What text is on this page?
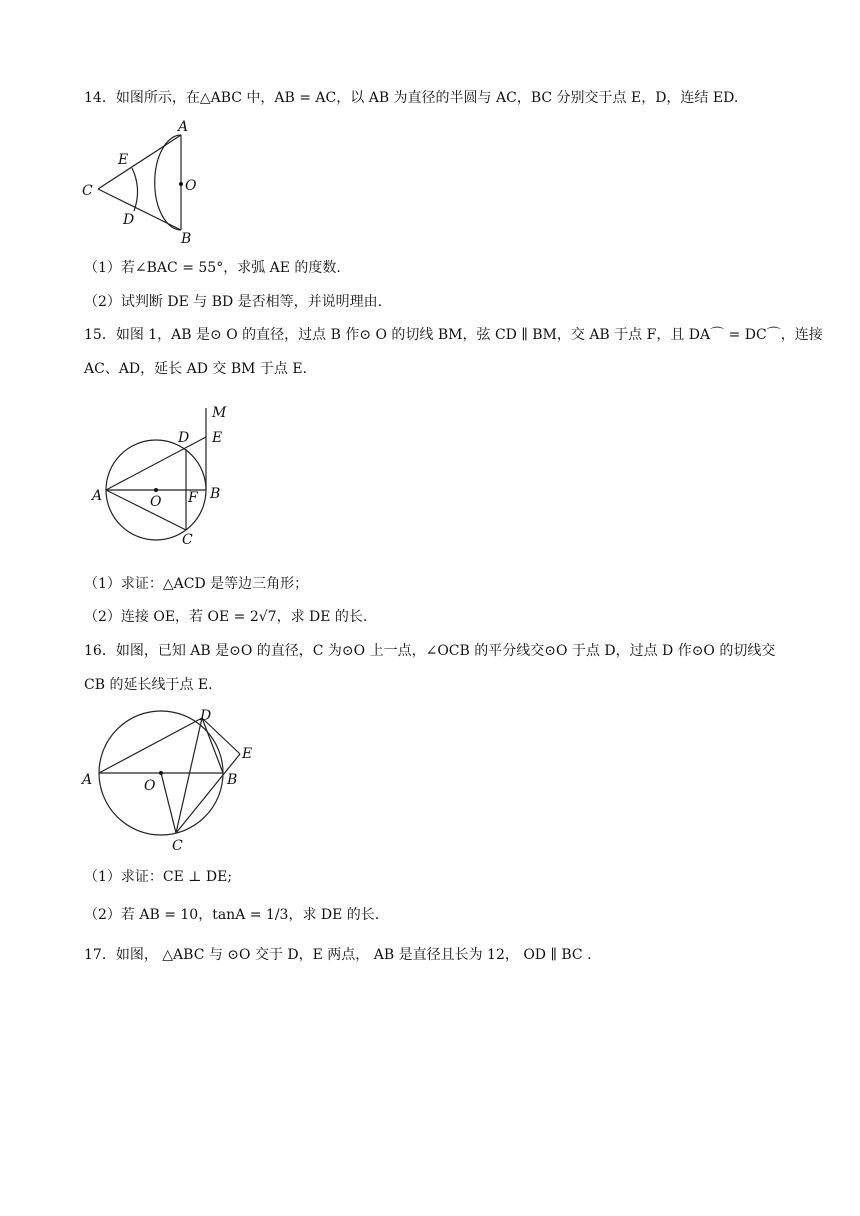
14．如图所示，在△ABC 中，AB = AC，以 AB 为直径的半圆与 AC，BC 分别交于点 E，D，连结 ED.
A
B
C
D
E
O
（1）若∠BAC = 55°，求弧 AE 的度数.
（2）试判断 DE 与 BD 是否相等，并说明理由.
15．如图 1，AB 是⊙ O 的直径，过点 B 作⊙ O 的切线 BM，弦 CD ∥ BM，交 AB 于点 F，且 DA⌒ = DC⌒，连接
AC、AD，延长 AD 交 BM 于点 E.
A	B
C
D E
F
M
O
（1）求证：△ACD 是等边三角形；
（2）连接 OE，若 OE = 2√7，求 DE 的长.
16．如图，已知 AB 是⊙O 的直径，C 为⊙O 上一点，∠OCB 的平分线交⊙O 于点 D，过点 D 作⊙O 的切线交
CB 的延长线于点 E.
A	B
C
D
E
O
（1）求证：CE ⊥ DE;
（2）若 AB = 10，tanA = 1/3，求 DE 的长.
17．如图， △ABC 与 ⊙O 交于 D，E 两点， AB 是直径且长为 12， OD ∥ BC .
